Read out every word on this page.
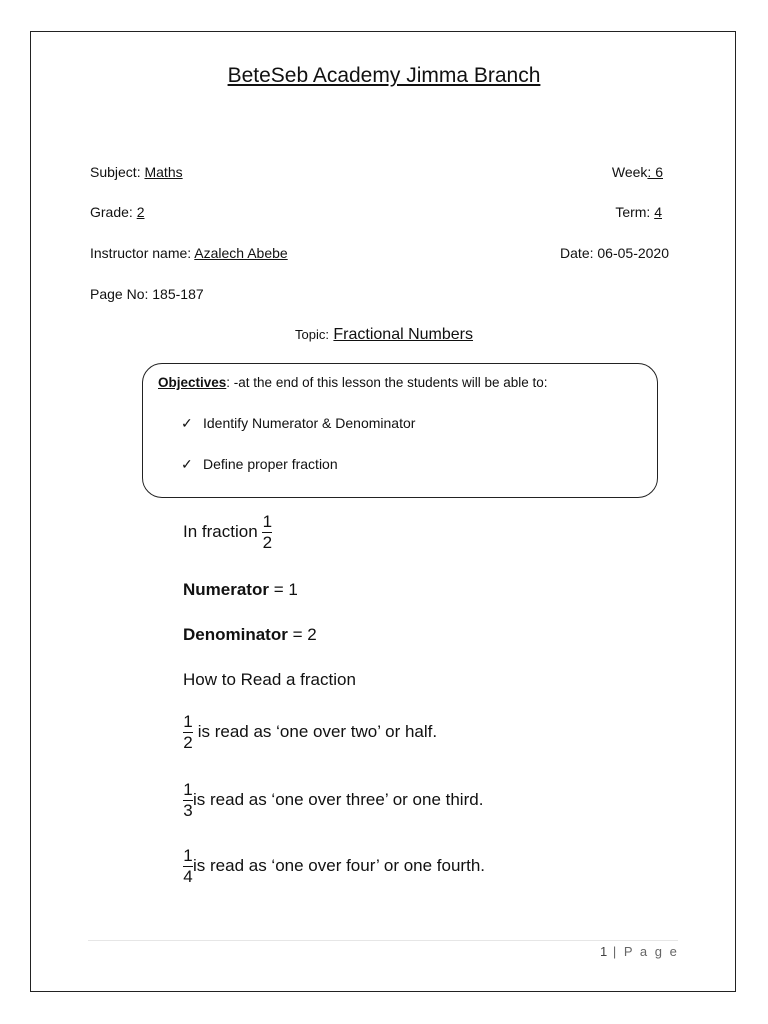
BeteSeb Academy Jimma Branch
Subject: Maths	Week: 6
Grade: 2	Term: 4
Instructor name: Azalech Abebe	Date: 06-05-2020
Page No: 185-187
Topic: Fractional Numbers
Objectives: -at the end of this lesson the students will be able to:
✓ Identify Numerator & Denominator
✓ Define proper fraction
In fraction $\frac{1}{2}$
Numerator = 1
Denominator = 2
How to Read a fraction
$\frac{1}{2}$ is read as ‘one over two’ or half.
$\frac{1}{3}$ is read as ‘one over three’ or one third.
$\frac{1}{4}$ is read as ‘one over four’ or one fourth.
1 | P a g e
